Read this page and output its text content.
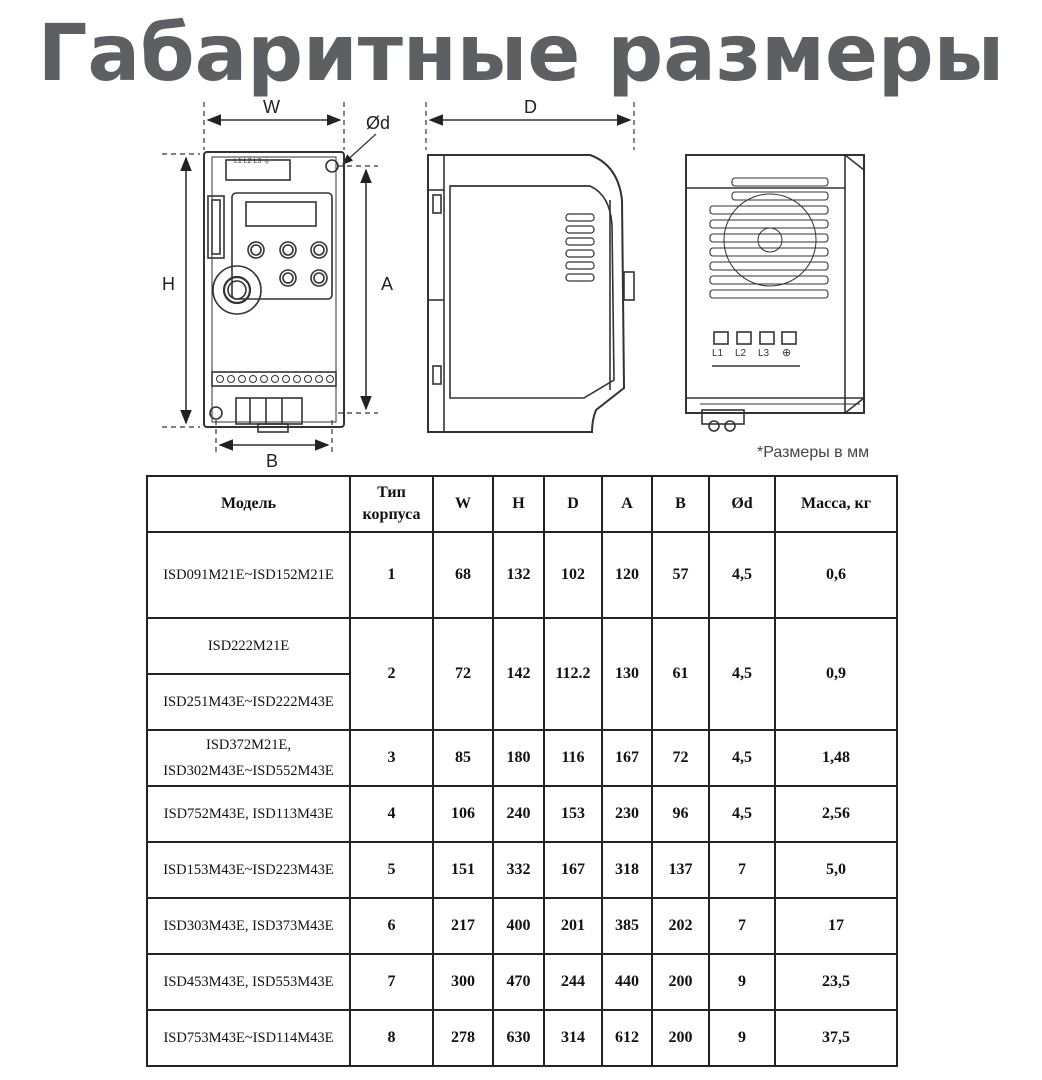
Габаритные размеры
W
Ød
L1 L2 L3 ⏚
H	A
B
D
L1 L2 L3 ⊕
*Размеры в мм
Модель	Тип
корпуса	W	H	D	A	B	Ød	Масса, кг
ISD091M21E~ISD152M21E	1	68	132	102	120	57	4,5	0,6
ISD222M21E	2	72	142	112.2	130	61	4,5	0,9
ISD251M43E~ISD222M43E								
ISD372M21E,
ISD302M43E~ISD552M43E	3	85	180	116	167	72	4,5	1,48
ISD752M43E, ISD113M43E	4	106	240	153	230	96	4,5	2,56
ISD153M43E~ISD223M43E	5	151	332	167	318	137	7	5,0
ISD303M43E, ISD373M43E	6	217	400	201	385	202	7	17
ISD453M43E, ISD553M43E	7	300	470	244	440	200	9	23,5
ISD753M43E~ISD114M43E	8	278	630	314	612	200	9	37,5
